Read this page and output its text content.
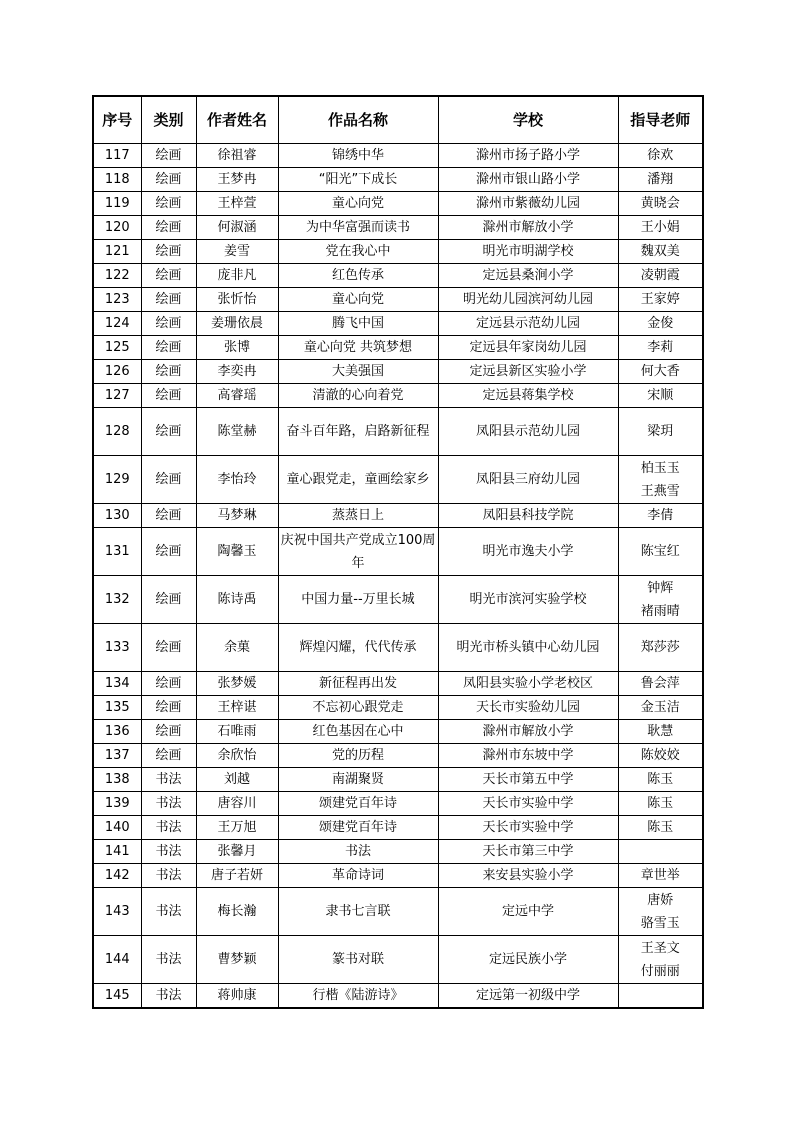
序号	类别	作者姓名	作品名称	学校	指导老师
117	绘画	徐祖睿	锦绣中华	滁州市扬子路小学	徐欢

118	绘画	王梦冉	“阳光”下成长	滁州市银山路小学	潘翔

119	绘画	王梓萱	童心向党	滁州市紫薇幼儿园	黄晓会

120	绘画	何淑涵	为中华富强而读书	滁州市解放小学	王小娟

121	绘画	姜雪	党在我心中	明光市明湖学校	魏双美

122	绘画	庞非凡	红色传承	定远县桑涧小学	凌朝霞

123	绘画	张忻怡	童心向党	明光幼儿园滨河幼儿园	王家婷

124	绘画	姜珊依晨	腾飞中国	定远县示范幼儿园	金俊

125	绘画	张博	童心向党 共筑梦想	定远县年家岗幼儿园	李莉

126	绘画	李奕冉	大美强国	定远县新区实验小学	何大香

127	绘画	高睿瑶	清澈的心向着党	定远县蒋集学校	宋顺

128	绘画	陈堂赫	奋斗百年路，启路新征程	凤阳县示范幼儿园	梁玥

129	绘画	李怡玲	童心跟党走，童画绘家乡	凤阳县三府幼儿园	柏玉玉
王燕雪

130	绘画	马梦琳	蒸蒸日上	凤阳县科技学院	李倩

131	绘画	陶馨玉	庆祝中国共产党成立100周年	明光市逸夫小学	陈宝红

132	绘画	陈诗禹	中国力量--万里长城	明光市滨河实验学校	钟辉
褚雨晴

133	绘画	余菓	辉煌闪耀，代代传承	明光市桥头镇中心幼儿园	郑莎莎

134	绘画	张梦媛	新征程再出发	凤阳县实验小学老校区	鲁会萍

135	绘画	王梓谌	不忘初心跟党走	天长市实验幼儿园	金玉洁

136	绘画	石唯雨	红色基因在心中	滁州市解放小学	耿慧

137	绘画	余欣怡	党的历程	滁州市东坡中学	陈姣姣

138	书法	刘越	南湖聚贤	天长市第五中学	陈玉

139	书法	唐容川	颂建党百年诗	天长市实验中学	陈玉

140	书法	王万旭	颂建党百年诗	天长市实验中学	陈玉

141	书法	张馨月	书法	天长市第三中学	

142	书法	唐子若妍	革命诗词	来安县实验小学	章世举

143	书法	梅长瀚	隶书七言联	定远中学	唐娇
骆雪玉

144	书法	曹梦颖	篆书对联	定远民族小学	王圣文
付丽丽

145	书法	蒋帅康	行楷《陆游诗》	定远第一初级中学	
